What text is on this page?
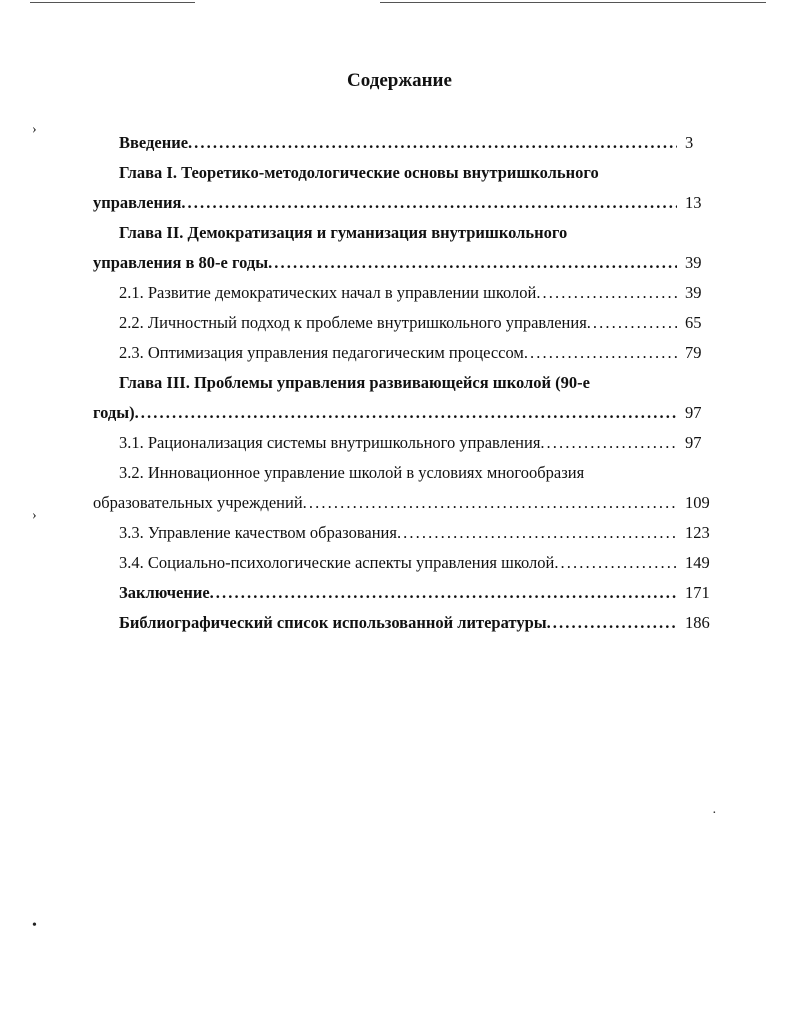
›
›
•
·
Содержание
Введение. . . .	3
Глава I. Теоретико-методологические основы внутришкольного
управления. . . .	13
Глава II. Демократизация и гуманизация внутришкольного
управления в 80-е годы. . . .	39
2.1. Развитие демократических начал в управлении школой. . . .	39
2.2. Личностный подход к проблеме внутришкольного управления. . . .	65
2.3. Оптимизация управления педагогическим процессом. . . .	79
Глава III. Проблемы управления развивающейся школой (90-е
годы). . . .	97
3.1. Рационализация системы внутришкольного управления. . . .	97
3.2. Инновационное управление школой в условиях многообразия
образовательных учреждений. . . .	109
3.3. Управление качеством образования. . . .	123
3.4. Социально-психологические аспекты управления школой. . . .	149
Заключение. . . .	171
Библиографический список использованной литературы. . . .	186
